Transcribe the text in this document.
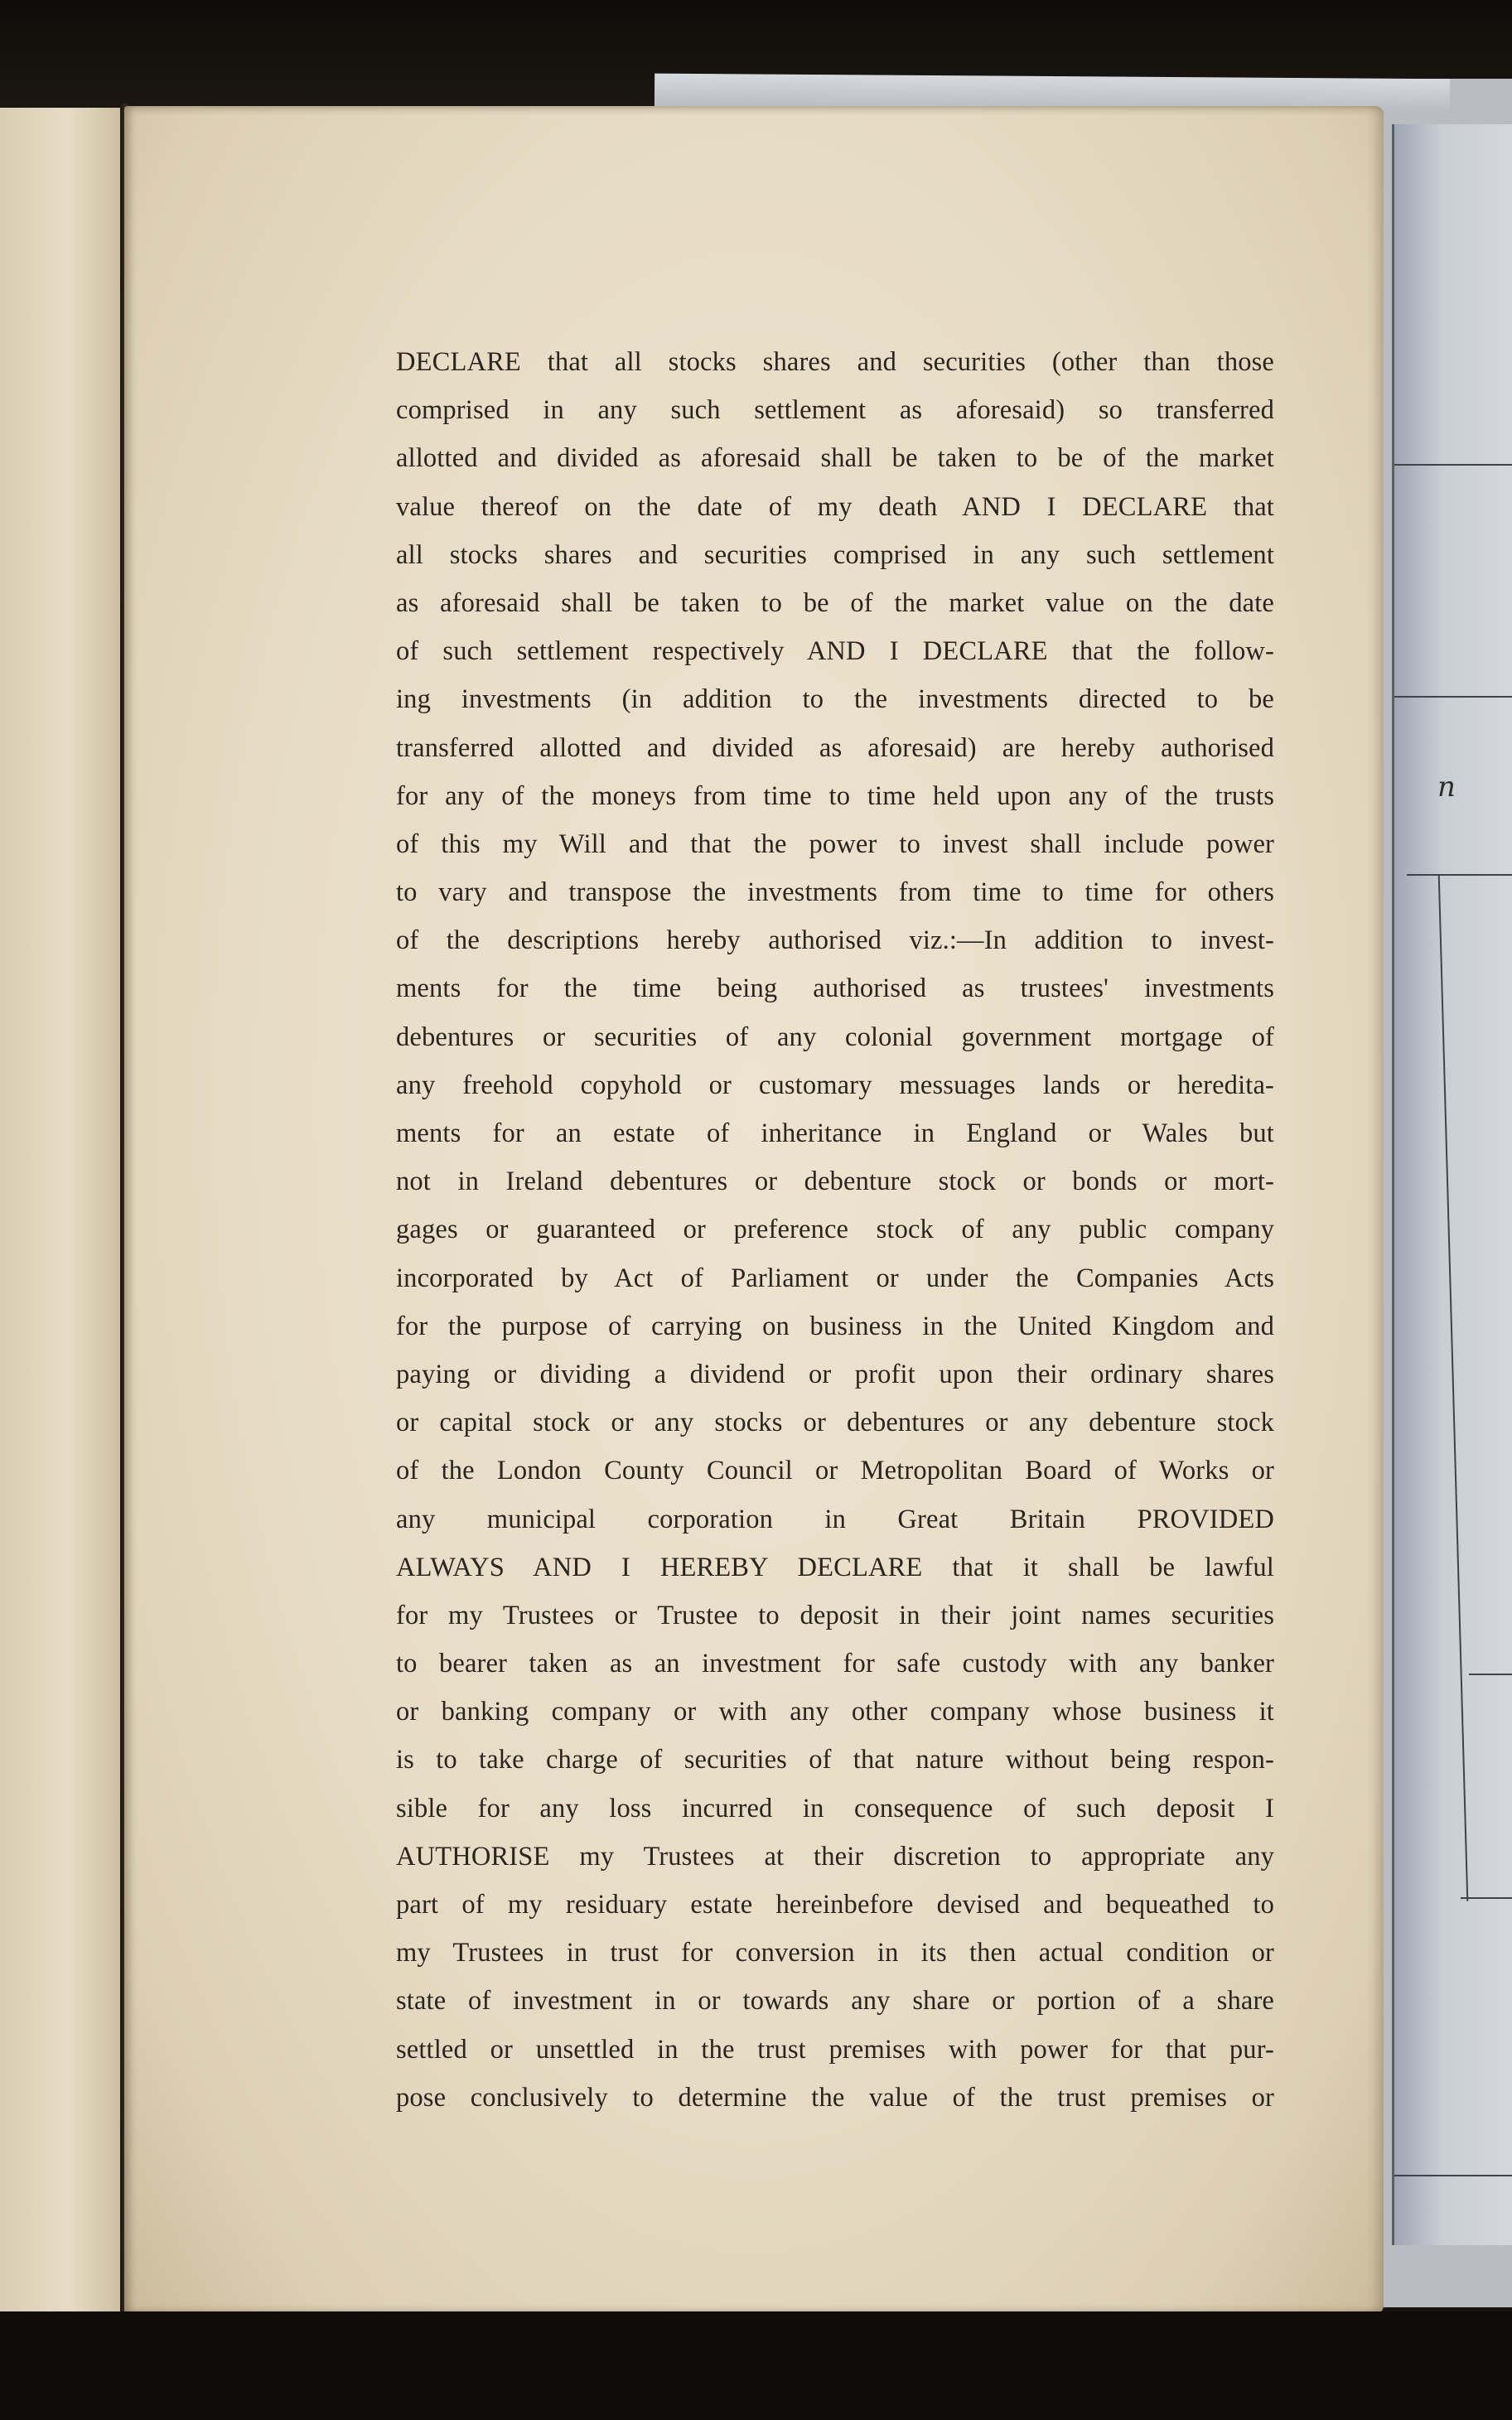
n
DECLARE that all stocks shares and securities (other than those
comprised in any such settlement as aforesaid) so transferred
allotted and divided as aforesaid shall be taken to be of the market
value thereof on the date of my death AND I DECLARE that
all stocks shares and securities comprised in any such settlement
as aforesaid shall be taken to be of the market value on the date
of such settlement respectively AND I DECLARE that the follow-
ing investments (in addition to the investments directed to be
transferred allotted and divided as aforesaid) are hereby authorised
for any of the moneys from time to time held upon any of the trusts
of this my Will and that the power to invest shall include power
to vary and transpose the investments from time to time for others
of the descriptions hereby authorised viz.:—In addition to invest-
ments for the time being authorised as trustees' investments
debentures or securities of any colonial government mortgage of
any freehold copyhold or customary messuages lands or heredita-
ments for an estate of inheritance in England or Wales but
not in Ireland debentures or debenture stock or bonds or mort-
gages or guaranteed or preference stock of any public company
incorporated by Act of Parliament or under the Companies Acts
for the purpose of carrying on business in the United Kingdom and
paying or dividing a dividend or profit upon their ordinary shares
or capital stock or any stocks or debentures or any debenture stock
of the London County Council or Metropolitan Board of Works or
any municipal corporation in Great Britain PROVIDED
ALWAYS AND I HEREBY DECLARE that it shall be lawful
for my Trustees or Trustee to deposit in their joint names securities
to bearer taken as an investment for safe custody with any banker
or banking company or with any other company whose business it
is to take charge of securities of that nature without being respon-
sible for any loss incurred in consequence of such deposit I
AUTHORISE my Trustees at their discretion to appropriate any
part of my residuary estate hereinbefore devised and bequeathed to
my Trustees in trust for conversion in its then actual condition or
state of investment in or towards any share or portion of a share
settled or unsettled in the trust premises with power for that pur-
pose conclusively to determine the value of the trust premises or
